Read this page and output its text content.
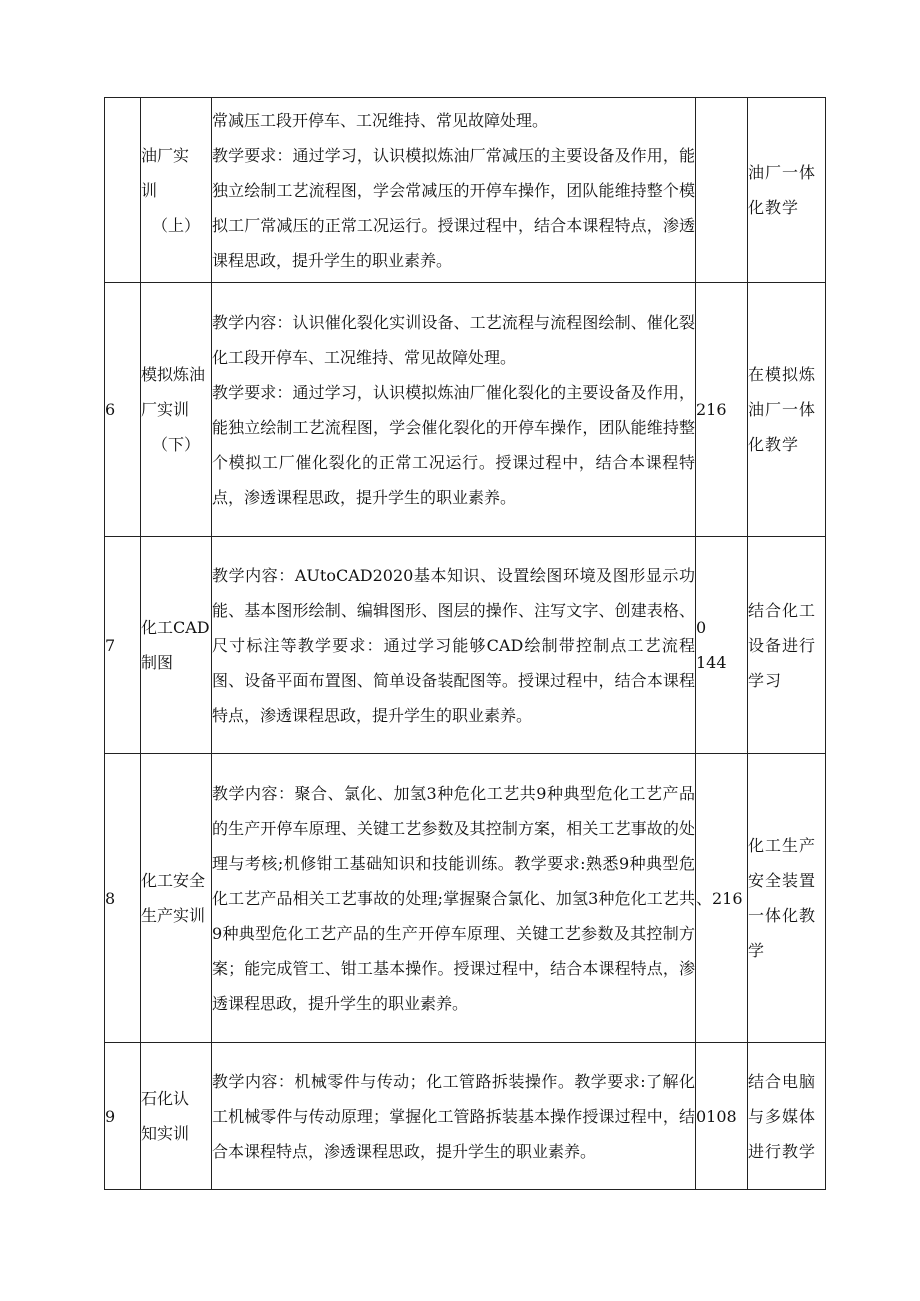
	油厂实
训
（上）	常减压工段开停车、工况维持、常见故障处理。
教学要求：通过学习，认识模拟炼油厂常减压的主要设备及作用，能独立绘制工艺流程图，学会常减压的开停车操作，团队能维持整个模拟工厂常减压的正常工况运行。授课过程中，结合本课程特点，渗透课程思政，提升学生的职业素养。		油厂一体
化教学

6	模拟炼油
厂实训
（下）	教学内容：认识催化裂化实训设备、工艺流程与流程图绘制、催化裂化工段开停车、工况维持、常见故障处理。
教学要求：通过学习，认识模拟炼油厂催化裂化的主要设备及作用，能独立绘制工艺流程图，学会催化裂化的开停车操作，团队能维持整个模拟工厂催化裂化的正常工况运行。授课过程中，结合本课程特点，渗透课程思政，提升学生的职业素养。	216	在模拟炼
油厂一体
化教学

7	化工CAD
制图	教学内容：AUtoCAD2020基本知识、设置绘图环境及图形显示功能、基本图形绘制、编辑图形、图层的操作、注写文字、创建表格、尺寸标注等教学要求：通过学习能够CAD绘制带控制点工艺流程图、设备平面布置图、简单设备装配图等。授课过程中，结合本课程特点，渗透课程思政，提升学生的职业素养。	0
144	结合化工
设备进行
学习

8	化工安全
生产实训	教学内容：聚合、氯化、加氢3种危化工艺共9种典型危化工艺产品的生产开停车原理、关键工艺参数及其控制方案，相关工艺事故的处理与考核;机修钳工基础知识和技能训练。教学要求:熟悉9种典型危化工艺产品相关工艺事故的处理;掌握聚合氯化、加氢3种危化工艺共9种典型危化工艺产品的生产开停车原理、关键工艺参数及其控制方案；能完成管工、钳工基本操作。授课过程中，结合本课程特点，渗透课程思政，提升学生的职业素养。	、216	化工生产
安全装置
一体化教
学

9	石化认
知实训	教学内容：机械零件与传动；化工管路拆装操作。教学要求:了解化工机械零件与传动原理；掌握化工管路拆装基本操作授课过程中，结合本课程特点，渗透课程思政，提升学生的职业素养。	0108	结合电脑
与多媒体
进行教学
